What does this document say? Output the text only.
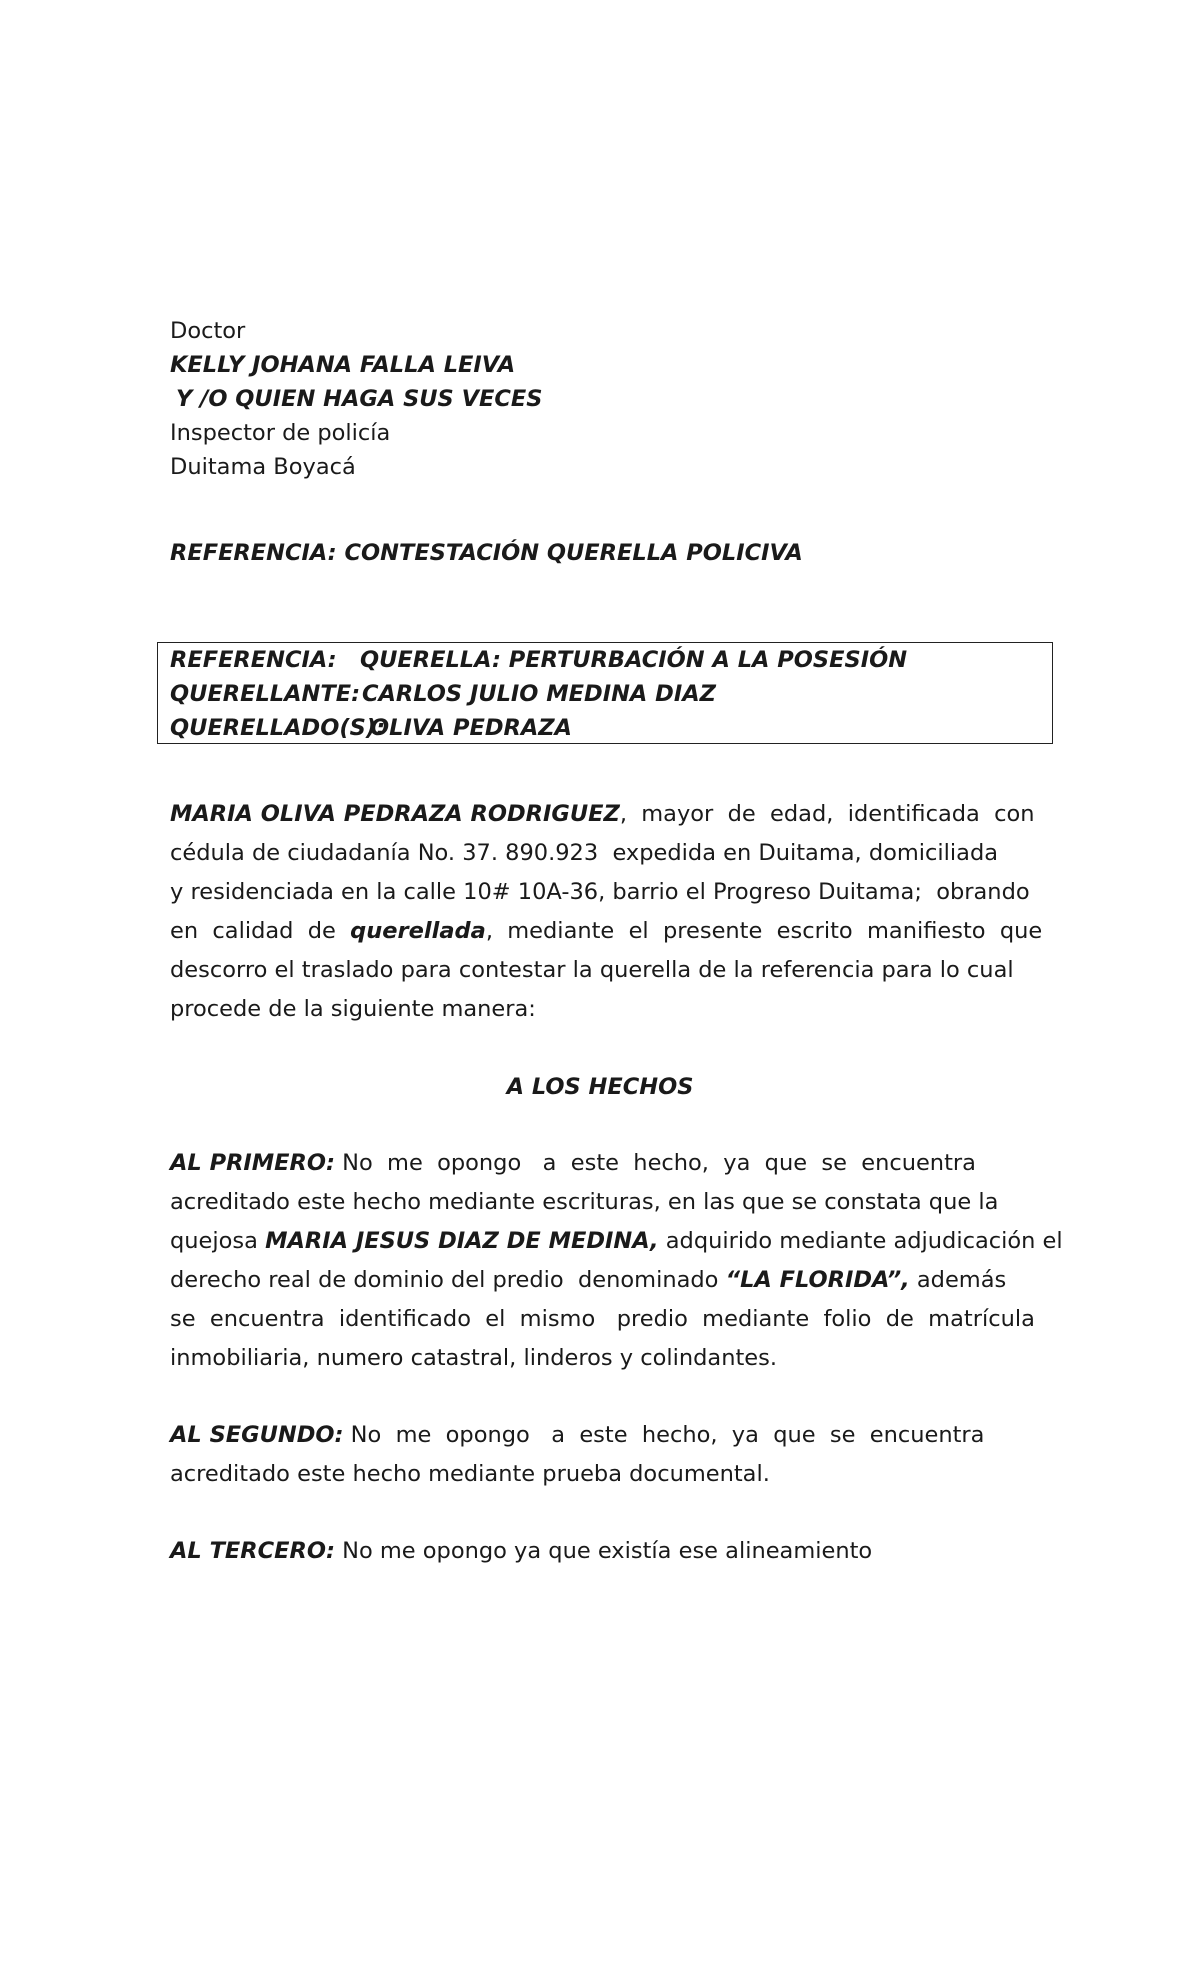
Doctor
KELLY JOHANA FALLA LEIVA
Y /O QUIEN HAGA SUS VECES
Inspector de policía
Duitama Boyacá
REFERENCIA: CONTESTACIÓN QUERELLA POLICIVA
REFERENCIA: QUERELLA: PERTURBACIÓN A LA POSESIÓN
QUERELLANTE: CARLOS JULIO MEDINA DIAZ
QUERELLADO(S):
OLIVA PEDRAZA
MARIA OLIVA PEDRAZA RODRIGUEZ,  mayor  de  edad,  identificada  con
cédula de ciudadanía No. 37. 890.923  expedida en Duitama, domiciliada
y residenciada en la calle 10# 10A-36, barrio el Progreso Duitama;  obrando
en  calidad  de querellada,  mediante  el  presente  escrito  manifiesto  que
descorro el traslado para contestar la querella de la referencia para lo cual
procede de la siguiente manera:
A LOS HECHOS
AL PRIMERO: No  me  opongo   a  este  hecho,  ya  que  se  encuentra
acreditado este hecho mediante escrituras, en las que se constata que la
quejosa MARIA JESUS DIAZ DE MEDINA, adquirido mediante adjudicación el
derecho real de dominio del predio  denominado “LA FLORIDA”, además
se  encuentra  identificado  el  mismo   predio  mediante  folio  de  matrícula
inmobiliaria, numero catastral, linderos y colindantes.
AL SEGUNDO: No  me  opongo   a  este  hecho,  ya  que  se  encuentra
acreditado este hecho mediante prueba documental.
AL TERCERO: No me opongo ya que existía ese alineamiento
